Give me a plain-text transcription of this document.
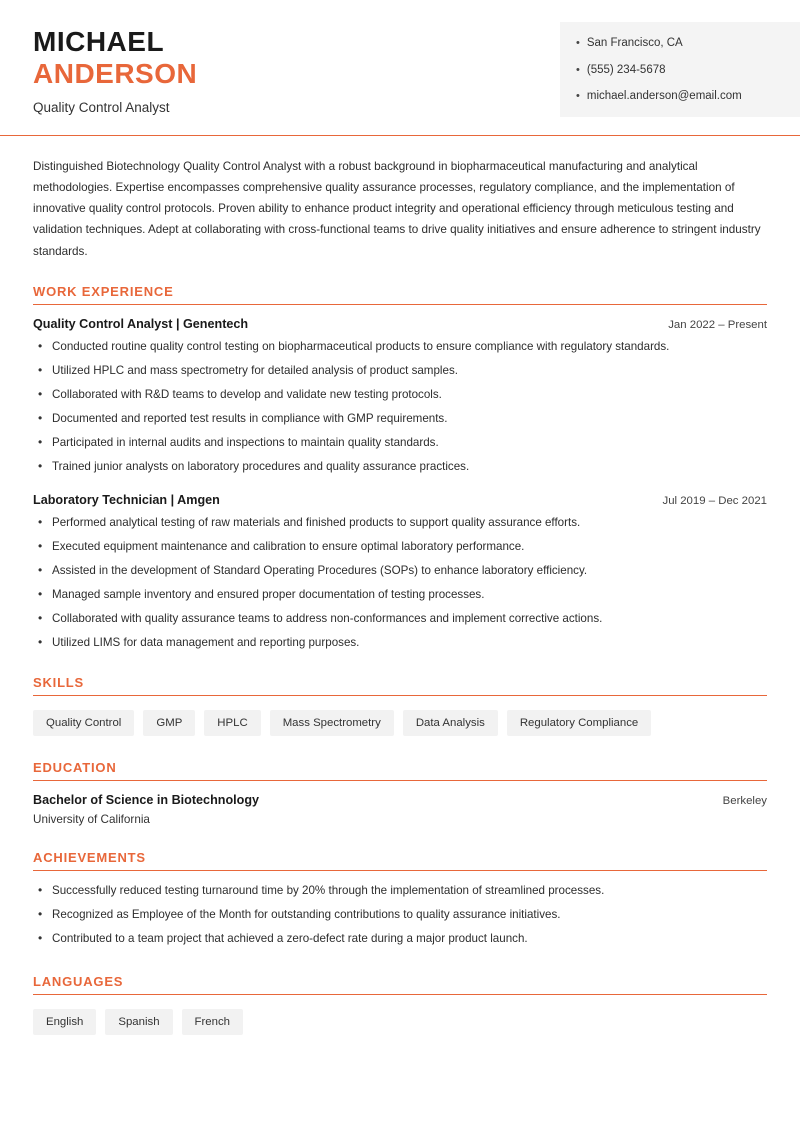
MICHAEL
ANDERSON
Quality Control Analyst
• San Francisco, CA
• (555) 234-5678
• michael.anderson@email.com
Distinguished Biotechnology Quality Control Analyst with a robust background in biopharmaceutical manufacturing and analytical methodologies. Expertise encompasses comprehensive quality assurance processes, regulatory compliance, and the implementation of innovative quality control protocols. Proven ability to enhance product integrity and operational efficiency through meticulous testing and validation techniques. Adept at collaborating with cross-functional teams to drive quality initiatives and ensure adherence to stringent industry standards.
WORK EXPERIENCE
Quality Control Analyst | Genentech	Jan 2022 – Present
• Conducted routine quality control testing on biopharmaceutical products to ensure compliance with regulatory standards.
• Utilized HPLC and mass spectrometry for detailed analysis of product samples.
• Collaborated with R&D teams to develop and validate new testing protocols.
• Documented and reported test results in compliance with GMP requirements.
• Participated in internal audits and inspections to maintain quality standards.
• Trained junior analysts on laboratory procedures and quality assurance practices.
Laboratory Technician | Amgen	Jul 2019 – Dec 2021
• Performed analytical testing of raw materials and finished products to support quality assurance efforts.
• Executed equipment maintenance and calibration to ensure optimal laboratory performance.
• Assisted in the development of Standard Operating Procedures (SOPs) to enhance laboratory efficiency.
• Managed sample inventory and ensured proper documentation of testing processes.
• Collaborated with quality assurance teams to address non-conformances and implement corrective actions.
• Utilized LIMS for data management and reporting purposes.
SKILLS
Quality Control	GMP	HPLC	Mass Spectrometry	Data Analysis	Regulatory Compliance
EDUCATION
Bachelor of Science in Biotechnology	Berkeley
University of California
ACHIEVEMENTS
• Successfully reduced testing turnaround time by 20% through the implementation of streamlined processes.
• Recognized as Employee of the Month for outstanding contributions to quality assurance initiatives.
• Contributed to a team project that achieved a zero-defect rate during a major product launch.
LANGUAGES
English	Spanish	French
